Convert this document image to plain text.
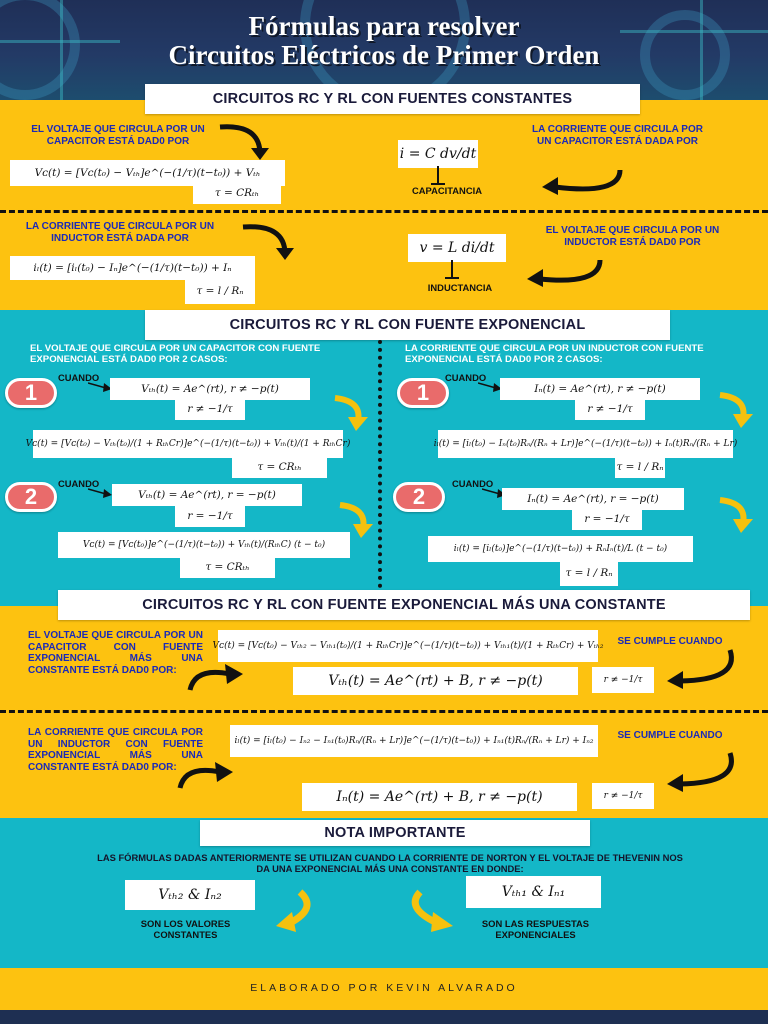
Fórmulas para resolver
Circuitos Eléctricos de Primer Orden
CIRCUITOS RC Y RL CON FUENTES CONSTANTES
EL VOLTAJE QUE CIRCULA POR UN CAPACITOR ESTÁ DAD0 POR
Vᴄ(t) = [Vᴄ(t₀) − Vₜₕ]e^(−(1/τ)(t−t₀)) + Vₜₕ
τ = CRₜₕ
i = C dv/dt
CAPACITANCIA
LA CORRIENTE QUE CIRCULA POR UN CAPACITOR ESTÁ DADA POR
LA CORRIENTE QUE CIRCULA POR UN INDUCTOR ESTÁ DADA POR
iₗ(t) = [iₗ(t₀) − Iₙ]e^(−(1/τ)(t−t₀)) + Iₙ
τ = l / Rₙ
v = L di/dt
INDUCTANCIA
EL VOLTAJE QUE CIRCULA POR UN INDUCTOR ESTÁ DAD0 POR
CIRCUITOS RC Y RL CON FUENTE EXPONENCIAL
EL VOLTAJE QUE CIRCULA POR UN CAPACITOR CON FUENTE EXPONENCIAL ESTÁ DAD0 POR 2 CASOS:
LA CORRIENTE QUE CIRCULA POR UN INDUCTOR CON FUENTE EXPONENCIAL ESTÁ DAD0 POR 2 CASOS:
1
CUANDO
Vₜₕ(t) = Ae^(rt), r ≠ −p(t)
r ≠ −1/τ
Vᴄ(t) = [Vᴄ(t₀) − Vₜₕ(t₀)/(1 + RₜₕCr)]e^(−(1/τ)(t−t₀)) + Vₜₕ(t)/(1 + RₜₕCr)
τ = CRₜₕ
2
CUANDO
Vₜₕ(t) = Ae^(rt), r = −p(t)
r = −1/τ
Vᴄ(t) = [Vᴄ(t₀)]e^(−(1/τ)(t−t₀)) + Vₜₕ(t)/(RₜₕC) (t − t₀)
τ = CRₜₕ
1
CUANDO
Iₙ(t) = Ae^(rt), r ≠ −p(t)
r ≠ −1/τ
iₗ(t) = [iₗ(t₀) − Iₙ(t₀)Rₙ/(Rₙ + Lr)]e^(−(1/τ)(t−t₀)) + Iₙ(t)Rₙ/(Rₙ + Lr)
τ = l / Rₙ
2
CUANDO
Iₙ(t) = Ae^(rt), r = −p(t)
r = −1/τ
iₗ(t) = [iₗ(t₀)]e^(−(1/τ)(t−t₀)) + RₙIₙ(t)/L (t − t₀)
τ = l / Rₙ
CIRCUITOS RC Y RL CON FUENTE EXPONENCIAL MÁS UNA CONSTANTE
EL VOLTAJE QUE CIRCULA POR UN CAPACITOR CON FUENTE EXPONENCIAL MÁS UNA CONSTANTE ESTÁ DAD0 POR:
Vᴄ(t) = [Vᴄ(t₀) − Vₜₕ₂ − Vₜₕ₁(t₀)/(1 + RₜₕCr)]e^(−(1/τ)(t−t₀)) + Vₜₕ₁(t)/(1 + RₜₕCr) + Vₜₕ₂	SE CUMPLE CUANDO
Vₜₕ(t) = Ae^(rt) + B, r ≠ −p(t)	r ≠ −1/τ
LA CORRIENTE QUE CIRCULA POR UN INDUCTOR CON FUENTE EXPONENCIAL MÁS UNA CONSTANTE ESTÁ DAD0 POR:
iₗ(t) = [iₗ(t₀) − Iₙ₂ − Iₙ₁(t₀)Rₙ/(Rₙ + Lr)]e^(−(1/τ)(t−t₀)) + Iₙ₁(t)Rₙ/(Rₙ + Lr) + Iₙ₂	SE CUMPLE CUANDO
Iₙ(t) = Ae^(rt) + B, r ≠ −p(t)	r ≠ −1/τ
NOTA IMPORTANTE
LAS FÓRMULAS DADAS ANTERIORMENTE SE UTILIZAN CUANDO LA CORRIENTE DE NORTON Y EL VOLTAJE DE THEVENIN NOS DA UNA EXPONENCIAL MÁS UNA CONSTANTE EN DONDE:
Vₜₕ₂ & Iₙ₂
SON LOS VALORES CONSTANTES
Vₜₕ₁ & Iₙ₁
SON LAS RESPUESTAS EXPONENCIALES
ELABORADO POR KEVIN ALVARADO
